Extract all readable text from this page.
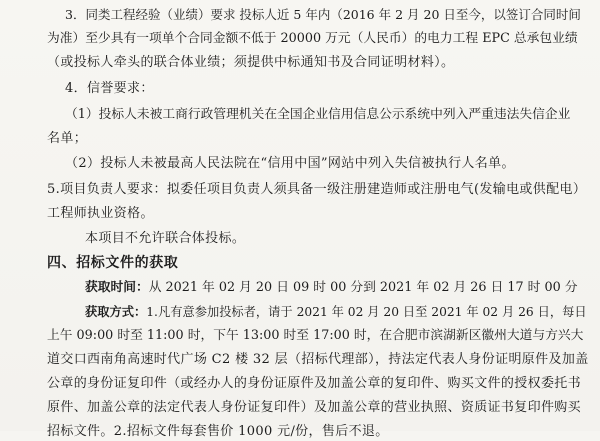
3．同类工程经验（业绩）要求 投标人近 5 年内（2016 年 2 月 20 日至今，以签订合同时间
为准）至少具有一项单个合同金额不低于 20000 万元（人民币）的电力工程 EPC 总承包业绩
（或投标人牵头的联合体业绩；须提供中标通知书及合同证明材料）。
4．信誉要求：
（1）投标人未被工商行政管理机关在全国企业信用信息公示系统中列入严重违法失信企业
名单；
（2）投标人未被最高人民法院在“信用中国”网站中列入失信被执行人名单。
5.项目负责人要求：拟委任项目负责人须具备一级注册建造师或注册电气(发输电或供配电）
工程师执业资格。
本项目不允许联合体投标。
四、招标文件的获取
获取时间：从 2021 年 02 月 20 日 09 时 00 分到 2021 年 02 月 26 日 17 时 00 分
获取方式：1.凡有意参加投标者，请于 2021 年 02 月 20 日至 2021 年 02 月 26 日，每日
上午 09:00 时至 11:00 时，下午 13:00 时至 17:00 时，在合肥市滨湖新区徽州大道与方兴大
道交口西南角高速时代广场 C2 楼 32 层（招标代理部），持法定代表人身份证明原件及加盖
公章的身份证复印件（或经办人的身份证原件及加盖公章的复印件、购买文件的授权委托书
原件、加盖公章的法定代表人身份证复印件）及加盖公章的营业执照、资质证书复印件购买
招标文件。2.招标文件每套售价 1000 元/份，售后不退。
